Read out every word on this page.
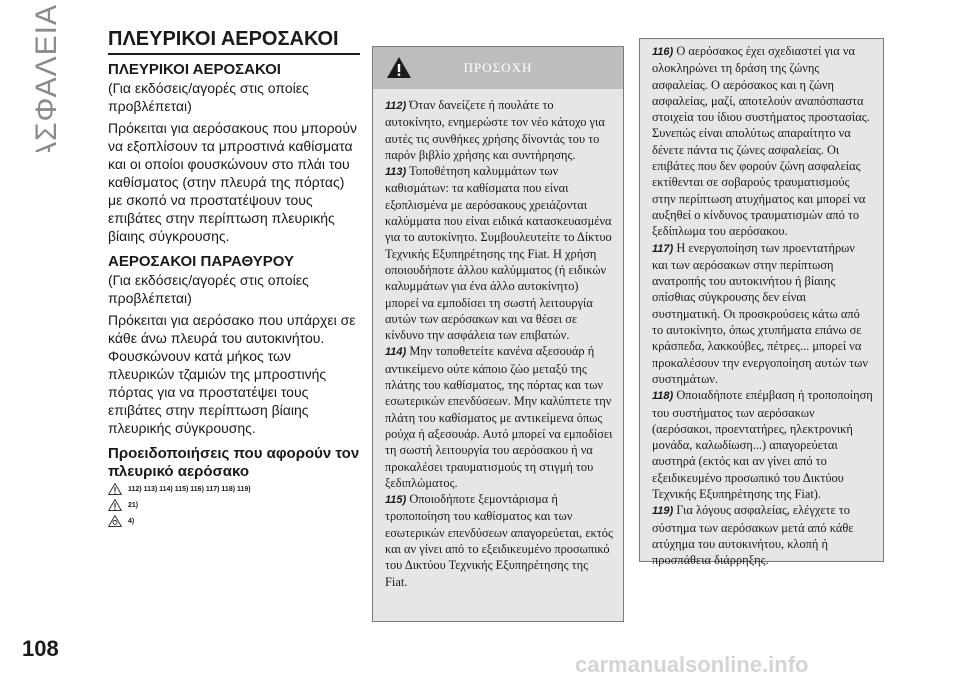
ΑΣΦΑΛΕΙΑ ΠΛΕΥΡΙΚΟΙ ΑΕΡΟΣΑΚΟΙ
ΠΛΕΥΡΙΚΟΙ ΑΕΡΟΣΑΚΟΙ

(Για εκδόσεις/αγορές στις οποίες προβλέπεται)

Πρόκειται για αερόσακους που μπορούν να εξοπλίσουν τα μπροστινά καθίσματα και οι οποίοι φουσκώνουν στο πλάι του καθίσματος (στην πλευρά της πόρτας) με σκοπό να προστατέψουν τους επιβάτες στην περίπτωση πλευρικής βίαιης σύγκρουσης.

ΑΕΡΟΣΑΚΟΙ ΠΑΡΑΘΥΡΟΥ

(Για εκδόσεις/αγορές στις οποίες προβλέπεται)

Πρόκειται για αερόσακο που υπάρχει σε κάθε άνω πλευρά του αυτοκινήτου. Φουσκώνουν κατά μήκος των πλευρικών τζαμιών της μπροστινής πόρτας για να προστατέψει τους επιβάτες στην περίπτωση βίαιης πλευρικής σύγκρουσης.

Προειδοποιήσεις που αφορούν τον πλευρικό αερόσακο
112) 113) 114) 115) 116) 117) 118) 119)
21)
4)
ΠΡΟΣΟΧΗ

112) Όταν δανείζετε ή πουλάτε το αυτοκίνητο, ενημερώστε τον νέο κάτοχο για αυτές τις συνθήκες χρήσης δίνοντάς του το παρόν βιβλίο χρήσης και συντήρησης.

113) Τοποθέτηση καλυμμάτων των καθισμάτων: τα καθίσματα που είναι εξοπλισμένα με αερόσακους χρειάζονται καλύμματα που είναι ειδικά κατασκευασμένα για το αυτοκίνητο. Συμβουλευτείτε το Δίκτυο Τεχνικής Εξυπηρέτησης της Fiat. Η χρήση οποιουδήποτε άλλου καλύμματος (ή ειδικών καλυμμάτων για ένα άλλο αυτοκίνητο) μπορεί να εμποδίσει τη σωστή λειτουργία αυτών των αερόσακων και να θέσει σε κίνδυνο την ασφάλεια των επιβατών.

114) Μην τοποθετείτε κανένα αξεσουάρ ή αντικείμενο ούτε κάποιο ζώο μεταξύ της πλάτης του καθίσματος, της πόρτας και των εσωτερικών επενδύσεων. Μην καλύπτετε την πλάτη του καθίσματος με αντικείμενα όπως ρούχα ή αξεσουάρ. Αυτό μπορεί να εμποδίσει τη σωστή λειτουργία του αερόσακου ή να προκαλέσει τραυματισμούς τη στιγμή του ξεδιπλώματος.

115) Οποιοδήποτε ξεμοντάρισμα ή τροποποίηση του καθίσματος και των εσωτερικών επενδύσεων απαγορεύεται, εκτός και αν γίνει από το εξειδικευμένο προσωπικό του Δικτύου Τεχνικής Εξυπηρέτησης της Fiat.

116) Ο αερόσακος έχει σχεδιαστεί για να ολοκληρώνει τη δράση της ζώνης ασφαλείας. Ο αερόσακος και η ζώνη ασφαλείας, μαζί, αποτελούν αναπόσπαστα στοιχεία του ίδιου συστήματος προστασίας. Συνεπώς είναι απολύτως απαραίτητο να δένετε πάντα τις ζώνες ασφαλείας. Οι επιβάτες που δεν φορούν ζώνη ασφαλείας εκτίθενται σε σοβαρούς τραυματισμούς στην περίπτωση ατυχήματος και μπορεί να αυξηθεί ο κίνδυνος τραυματισμών από το ξεδίπλωμα του αερόσακου.

117) Η ενεργοποίηση των προεντατήρων και των αερόσακων στην περίπτωση ανατροπής του αυτοκινήτου ή βίαιης οπίσθιας σύγκρουσης δεν είναι συστηματική. Οι προσκρούσεις κάτω από το αυτοκίνητο, όπως χτυπήματα επάνω σε κράσπεδα, λακκούβες, πέτρες... μπορεί να προκαλέσουν την ενεργοποίηση αυτών των συστημάτων.

118) Οποιαδήποτε επέμβαση ή τροποποίηση του συστήματος των αερόσακων (αερόσακοι, προεντατήρες, ηλεκτρονική μονάδα, καλωδίωση...) απαγορεύεται αυστηρά (εκτός και αν γίνει από το εξειδικευμένο προσωπικό του Δικτύου Τεχνικής Εξυπηρέτησης της Fiat).

119) Για λόγους ασφαλείας, ελέγχετε το σύστημα των αερόσακων μετά από κάθε ατύχημα του αυτοκινήτου, κλοπή ή προσπάθεια διάρρηξης.

108
carmanualsonline.info
